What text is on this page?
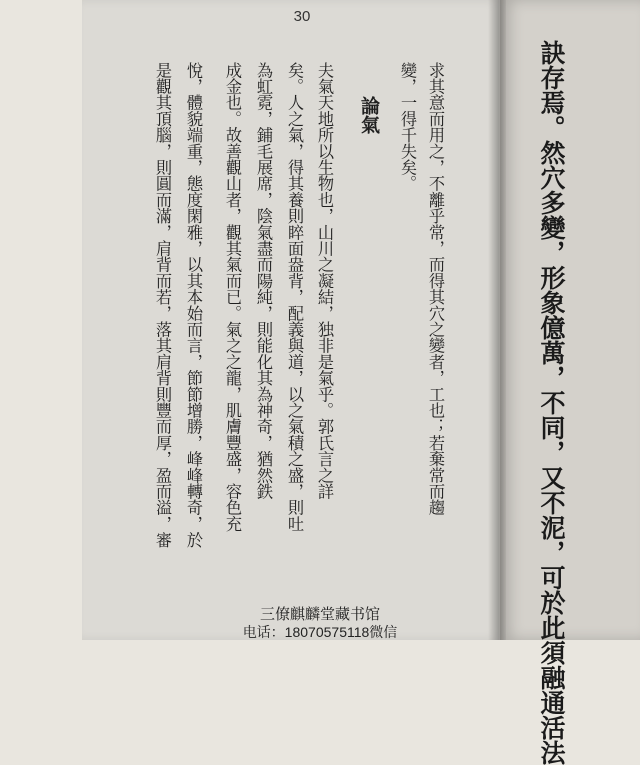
30
求其意而用之，不離乎常，而得其穴之變者，工也；若棄常而趨
變，一得千失矣。
論氣
夫氣天地所以生物也，山川之凝結，独非是氣乎。郭氏言之詳
矣。人之氣，得其養則睟面盎背，配義與道，以之氣積之盛，則吐
為虹霓，鋪毛展席，陰氣盡而陽純，則能化其為神奇，猶然鉄
成金也。故善觀山者，觀其氣而已。氣之之龍，肌膚豐盛，容色充
悅，體貌端重，態度閑雅，以其本始而言，節節增勝，峰峰轉奇，於
是觀其頂腦，則圓而滿，肩背而若，落其肩背則豐而厚，盈而溢，審	訣存焉。然穴多變，形象億萬，不同，又不泥，可於此須融通活法
三僚麒麟堂藏书馆
电话：18070575118微信
